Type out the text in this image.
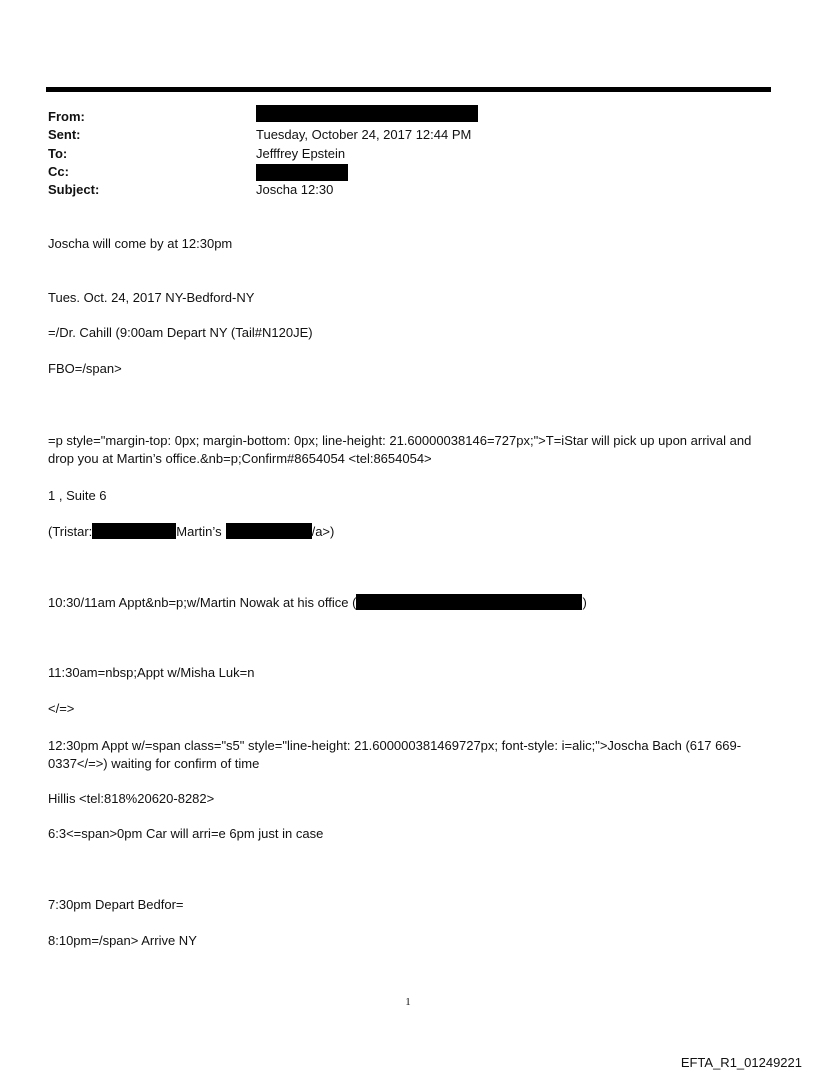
From:
Sent:	Tuesday, October 24, 2017 12:44 PM
To:	Jefffrey Epstein
Cc:
Subject:	Joscha 12:30
Joscha will come by at 12:30pm
Tues. Oct. 24, 2017 NY-Bedford-NY
=/Dr. Cahill (9:00am Depart NY (Tail#N120JE)
FBO=/span>
=p style="margin-top: 0px; margin-bottom: 0px; line-height: 21.60000038146=727px;">T=iStar will pick up upon arrival and drop you at Martin’s office.&nb=p;Confirm#8654054 <tel:8654054>
1 , Suite 6
(Tristar:	Martin’s	/a>)
10:30/11am Appt&nb=p;w/Martin Nowak at his office (	)
11:30am=nbsp;Appt w/Misha Luk=n
</=>
12:30pm Appt w/=span class="s5" style="line-height: 21.600000381469727px; font-style: i=alic;">Joscha Bach (617 669-0337</=>) waiting for confirm of time
Hillis <tel:818%20620-8282>
6:3<=span>0pm Car will arri=e 6pm just in case
7:30pm Depart Bedfor=
8:10pm=/span> Arrive NY
1
EFTA_R1_01249221
